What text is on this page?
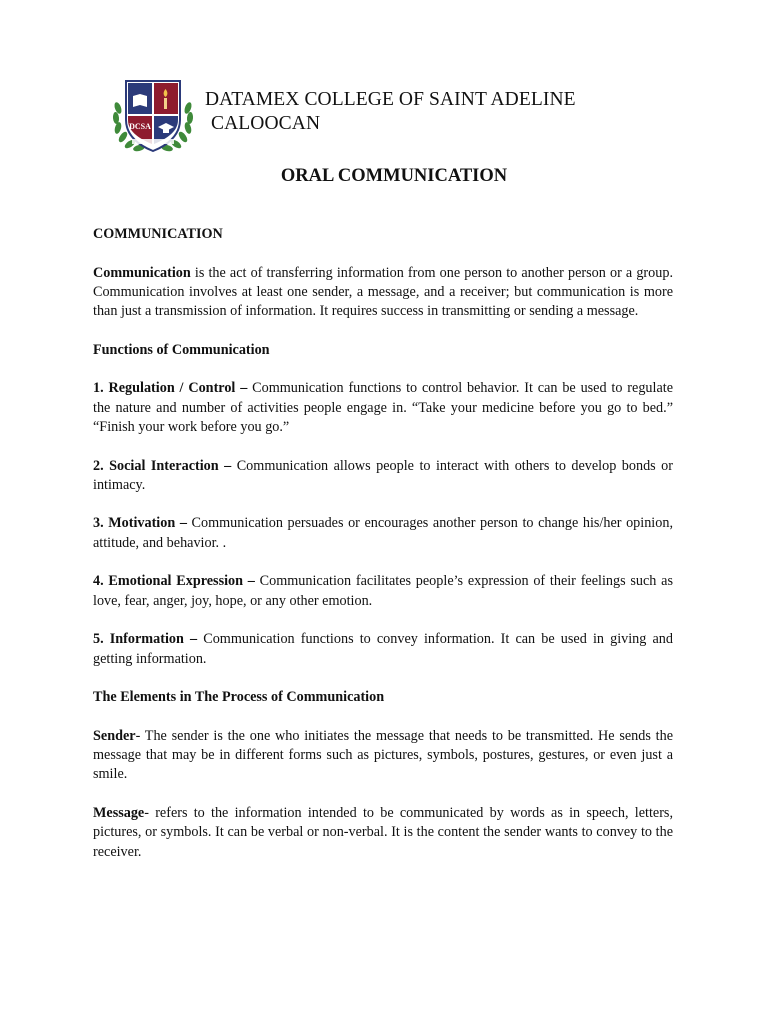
DCSA
DATAMEX COLLEGE OF SAINT ADELINE
CALOOCAN
ORAL COMMUNICATION

COMMUNICATION

Communication is the act of transferring information from one person to another person or a group. Communication involves at least one sender, a message, and a receiver; but communication is more than just a transmission of information. It requires success in transmitting or sending a message.

Functions of Communication

1. Regulation / Control – Communication functions to control behavior. It can be used to regulate the nature and number of activities people engage in. “Take your medicine before you go to bed.” “Finish your work before you go.”

2. Social Interaction – Communication allows people to interact with others to develop bonds or intimacy.

3. Motivation – Communication persuades or encourages another person to change his/her opinion, attitude, and behavior. .

4. Emotional Expression – Communication facilitates people’s expression of their feelings such as love, fear, anger, joy, hope, or any other emotion.

5. Information – Communication functions to convey information. It can be used in giving and getting information.

The Elements in The Process of Communication

Sender- The sender is the one who initiates the message that needs to be transmitted. He sends the message that may be in different forms such as pictures, symbols, postures, gestures, or even just a smile.

Message- refers to the information intended to be communicated by words as in speech, letters, pictures, or symbols. It can be verbal or non-verbal. It is the content the sender wants to convey to the receiver.
